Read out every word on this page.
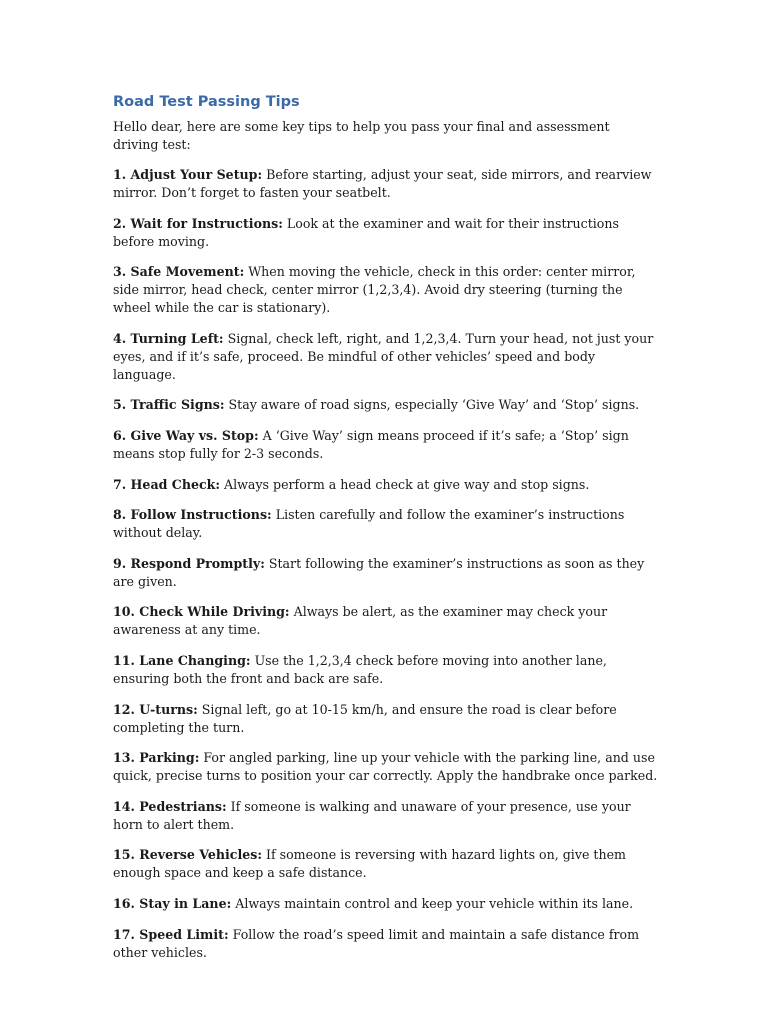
Road Test Passing Tips

Hello dear, here are some key tips to help you pass your final and assessment driving test:

1. Adjust Your Setup: Before starting, adjust your seat, side mirrors, and rearview mirror. Don’t forget to fasten your seatbelt.
2. Wait for Instructions: Look at the examiner and wait for their instructions before moving.
3. Safe Movement: When moving the vehicle, check in this order: center mirror, side mirror, head check, center mirror (1,2,3,4). Avoid dry steering (turning the wheel while the car is stationary).
4. Turning Left: Signal, check left, right, and 1,2,3,4. Turn your head, not just your eyes, and if it’s safe, proceed. Be mindful of other vehicles’ speed and body language.
5. Traffic Signs: Stay aware of road signs, especially ‘Give Way’ and ‘Stop’ signs.
6. Give Way vs. Stop: A ‘Give Way’ sign means proceed if it’s safe; a ‘Stop’ sign means stop fully for 2-3 seconds.
7. Head Check: Always perform a head check at give way and stop signs.
8. Follow Instructions: Listen carefully and follow the examiner’s instructions without delay.
9. Respond Promptly: Start following the examiner’s instructions as soon as they are given.
10. Check While Driving: Always be alert, as the examiner may check your awareness at any time.
11. Lane Changing: Use the 1,2,3,4 check before moving into another lane, ensuring both the front and back are safe.
12. U-turns: Signal left, go at 10-15 km/h, and ensure the road is clear before completing the turn.
13. Parking: For angled parking, line up your vehicle with the parking line, and use quick, precise turns to position your car correctly. Apply the handbrake once parked.
14. Pedestrians: If someone is walking and unaware of your presence, use your horn to alert them.
15. Reverse Vehicles: If someone is reversing with hazard lights on, give them enough space and keep a safe distance.
16. Stay in Lane: Always maintain control and keep your vehicle within its lane.
17. Speed Limit: Follow the road’s speed limit and maintain a safe distance from other vehicles.
